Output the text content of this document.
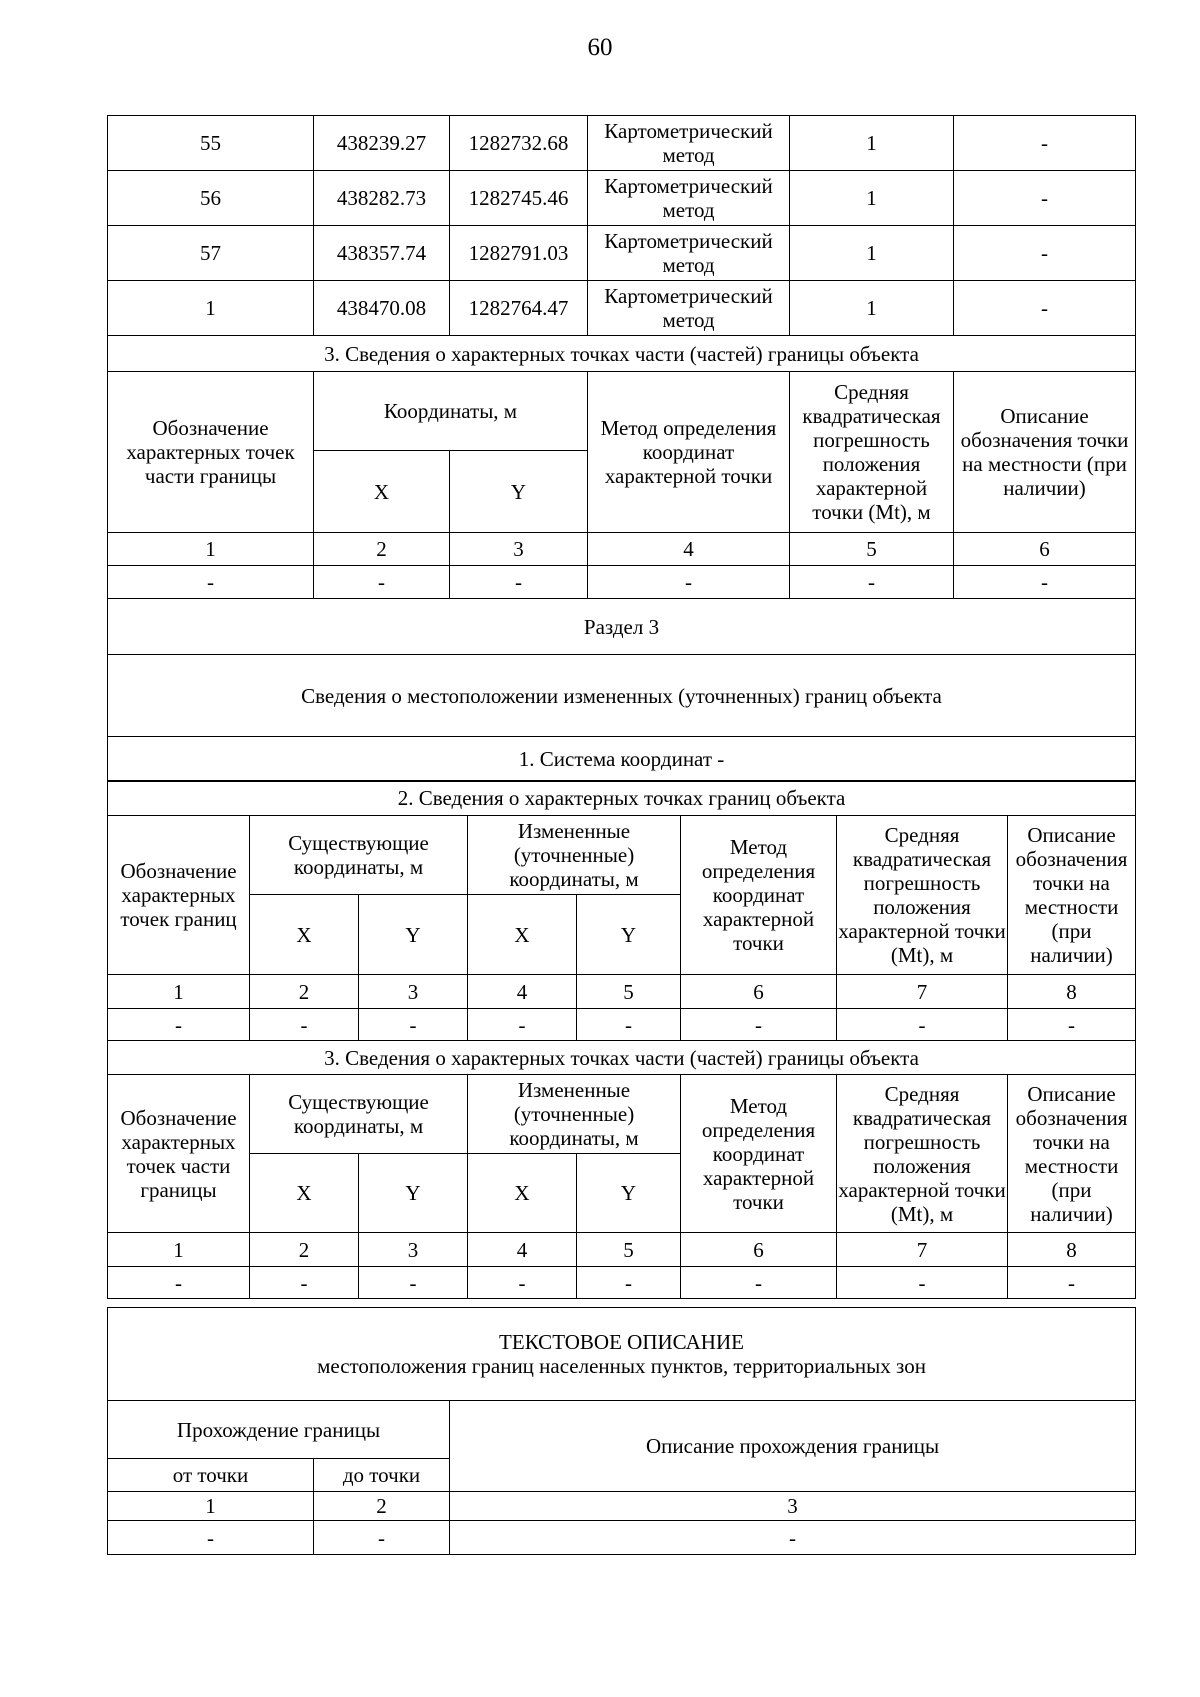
60
55	438239.27	1282732.68	Картометрический метод	1	-
56	438282.73	1282745.46	Картометрический метод	1	-
57	438357.74	1282791.03	Картометрический метод	1	-
1	438470.08	1282764.47	Картометрический метод	1	-
3. Сведения о характерных точках части (частей) границы объекта					
Обозначение характерных точек части границы	Координаты, м		Метод определения координат характерной точки	Средняя квадратическая погрешность положения характерной точки (Mt), м	Описание обозначения точки на местности (при наличии)
	X	Y			
1	2	3	4	5	6
-	-	-	-	-	-
Раздел 3					
Сведения о местоположении измененных (уточненных) границ объекта					
1. Система координат -					
2. Сведения о характерных точках границ объекта							
Обозначение характерных точек границ	Существующие координаты, м		Измененные (уточненные) координаты, м		Метод определения координат характерной точки	Средняя квадратическая погрешность положения характерной точки (Mt), м	Описание обозначения точки на местности (при наличии)
	X	Y	X	Y			
1	2	3	4	5	6	7	8
-	-	-	-	-	-	-	-
3. Сведения о характерных точках части (частей) границы объекта							
Обозначение характерных точек части границы	Существующие координаты, м		Измененные (уточненные) координаты, м		Метод определения координат характерной точки	Средняя квадратическая погрешность положения характерной точки (Mt), м	Описание обозначения точки на местности (при наличии)
	X	Y	X	Y			
1	2	3	4	5	6	7	8
-	-	-	-	-	-	-	-
ТЕКСТОВОЕ ОПИСАНИЕ
местоположения границ населенных пунктов, территориальных зон		

Прохождение границы		Описание прохождения границы
от точки	до точки	
1	2	3
-	-	-
